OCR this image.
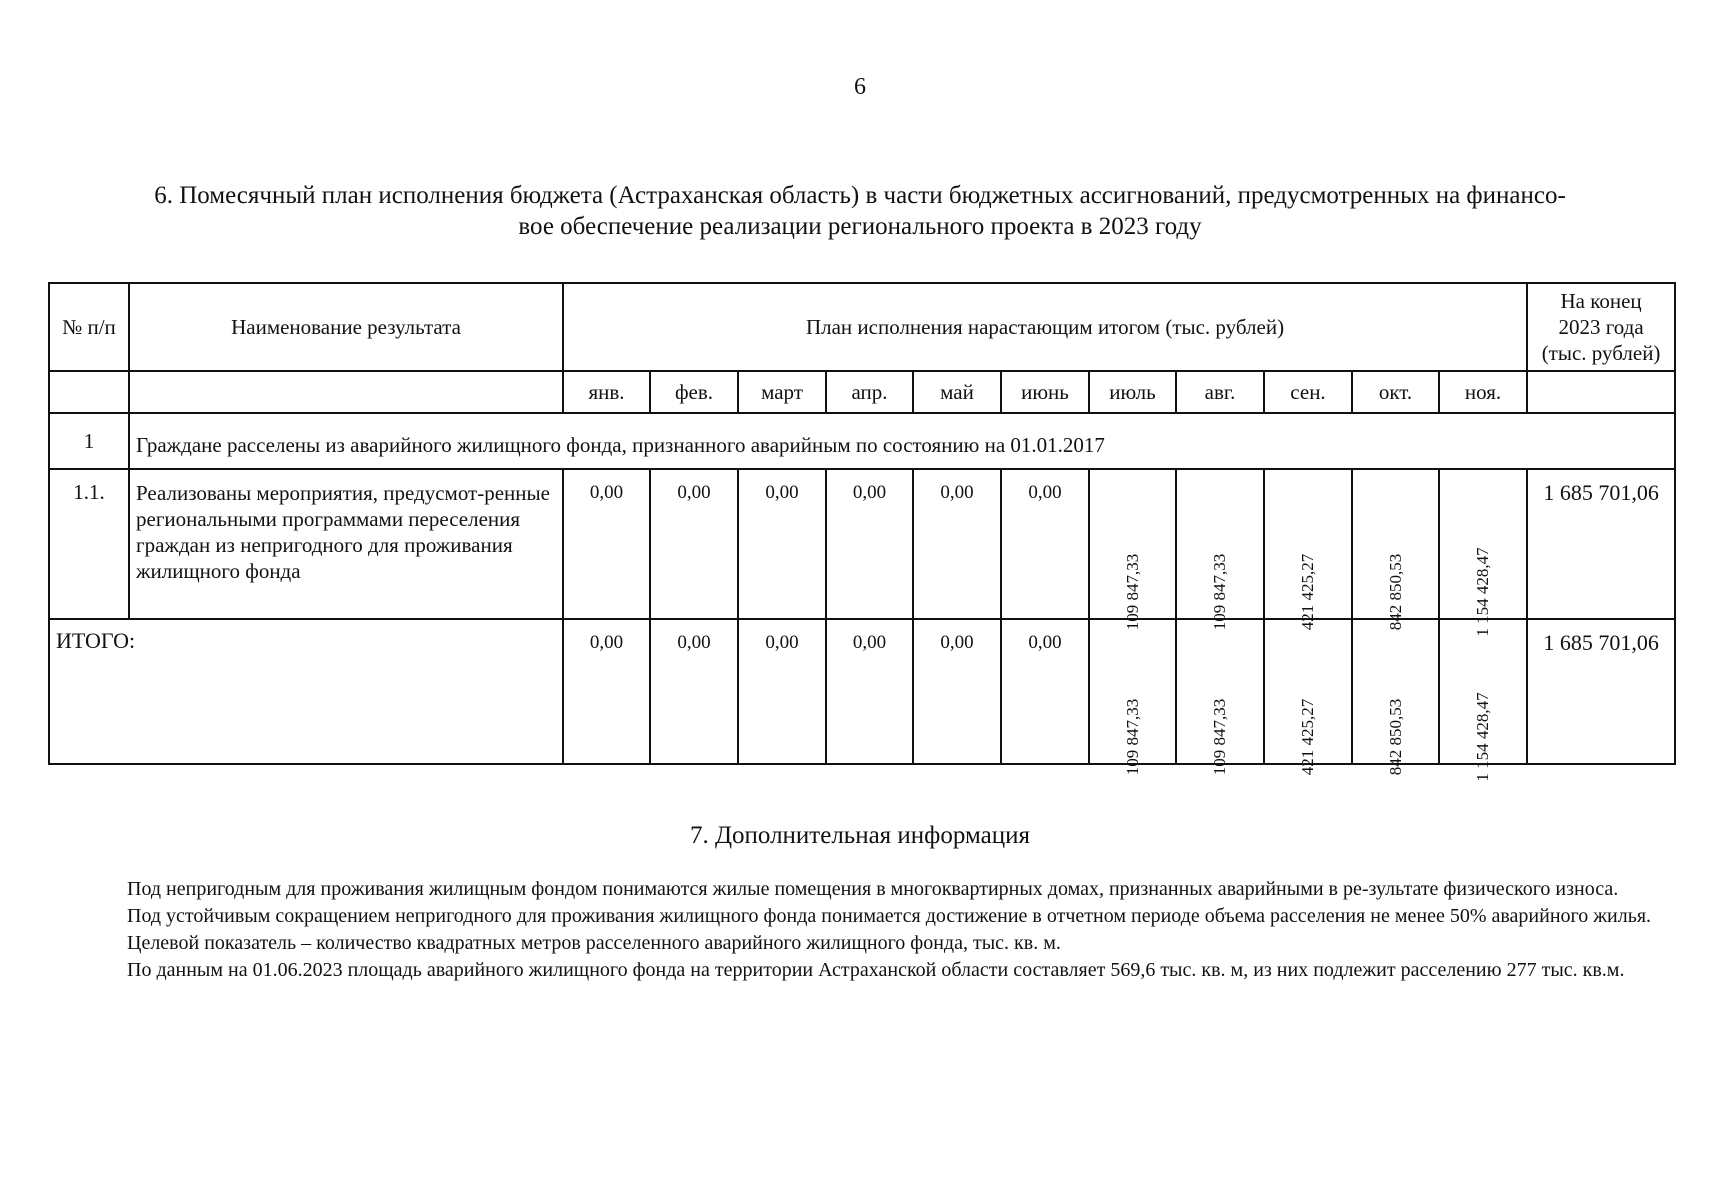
6
6. Помесячный план исполнения бюджета (Астраханская область) в части бюджетных ассигнований, предусмотренных на финансо-
вое обеспечение реализации регионального проекта в 2023 году
№ п/п	Наименование результата	План исполнения нарастающим итогом (тыс. рублей)											На конец
2023 года
(тыс. рублей)

		янв.	фев.	март	апр.	май	июнь	июль	авг.	сен.	окт.	ноя.	
1	Граждане расселены из аварийного жилищного фонда, признанного аварийным по состоянию на 01.01.2017												
1.1.	Реализованы мероприятия, предусмот-ренные региональными программами переселения граждан из непригодного для проживания жилищного фонда	0,00	0,00	0,00	0,00	0,00	0,00	109 847,33	109 847,33	421 425,27	842 850,53	1 154 428,47	1 685 701,06
ИТОГО:		0,00	0,00	0,00	0,00	0,00	0,00	109 847,33	109 847,33	421 425,27	842 850,53	1 154 428,47	1 685 701,06
7. Дополнительная информация

Под непригодным для проживания жилищным фондом понимаются жилые помещения в многоквартирных домах, признанных аварийными в ре-зультате физического износа.

Под устойчивым сокращением непригодного для проживания жилищного фонда понимается достижение в отчетном периоде объема расселения не менее 50% аварийного жилья.

Целевой показатель – количество квадратных метров расселенного аварийного жилищного фонда, тыс. кв. м.

По данным на 01.06.2023 площадь аварийного жилищного фонда на территории Астраханской области составляет 569,6 тыс. кв. м, из них подлежит расселению 277 тыс. кв.м.
